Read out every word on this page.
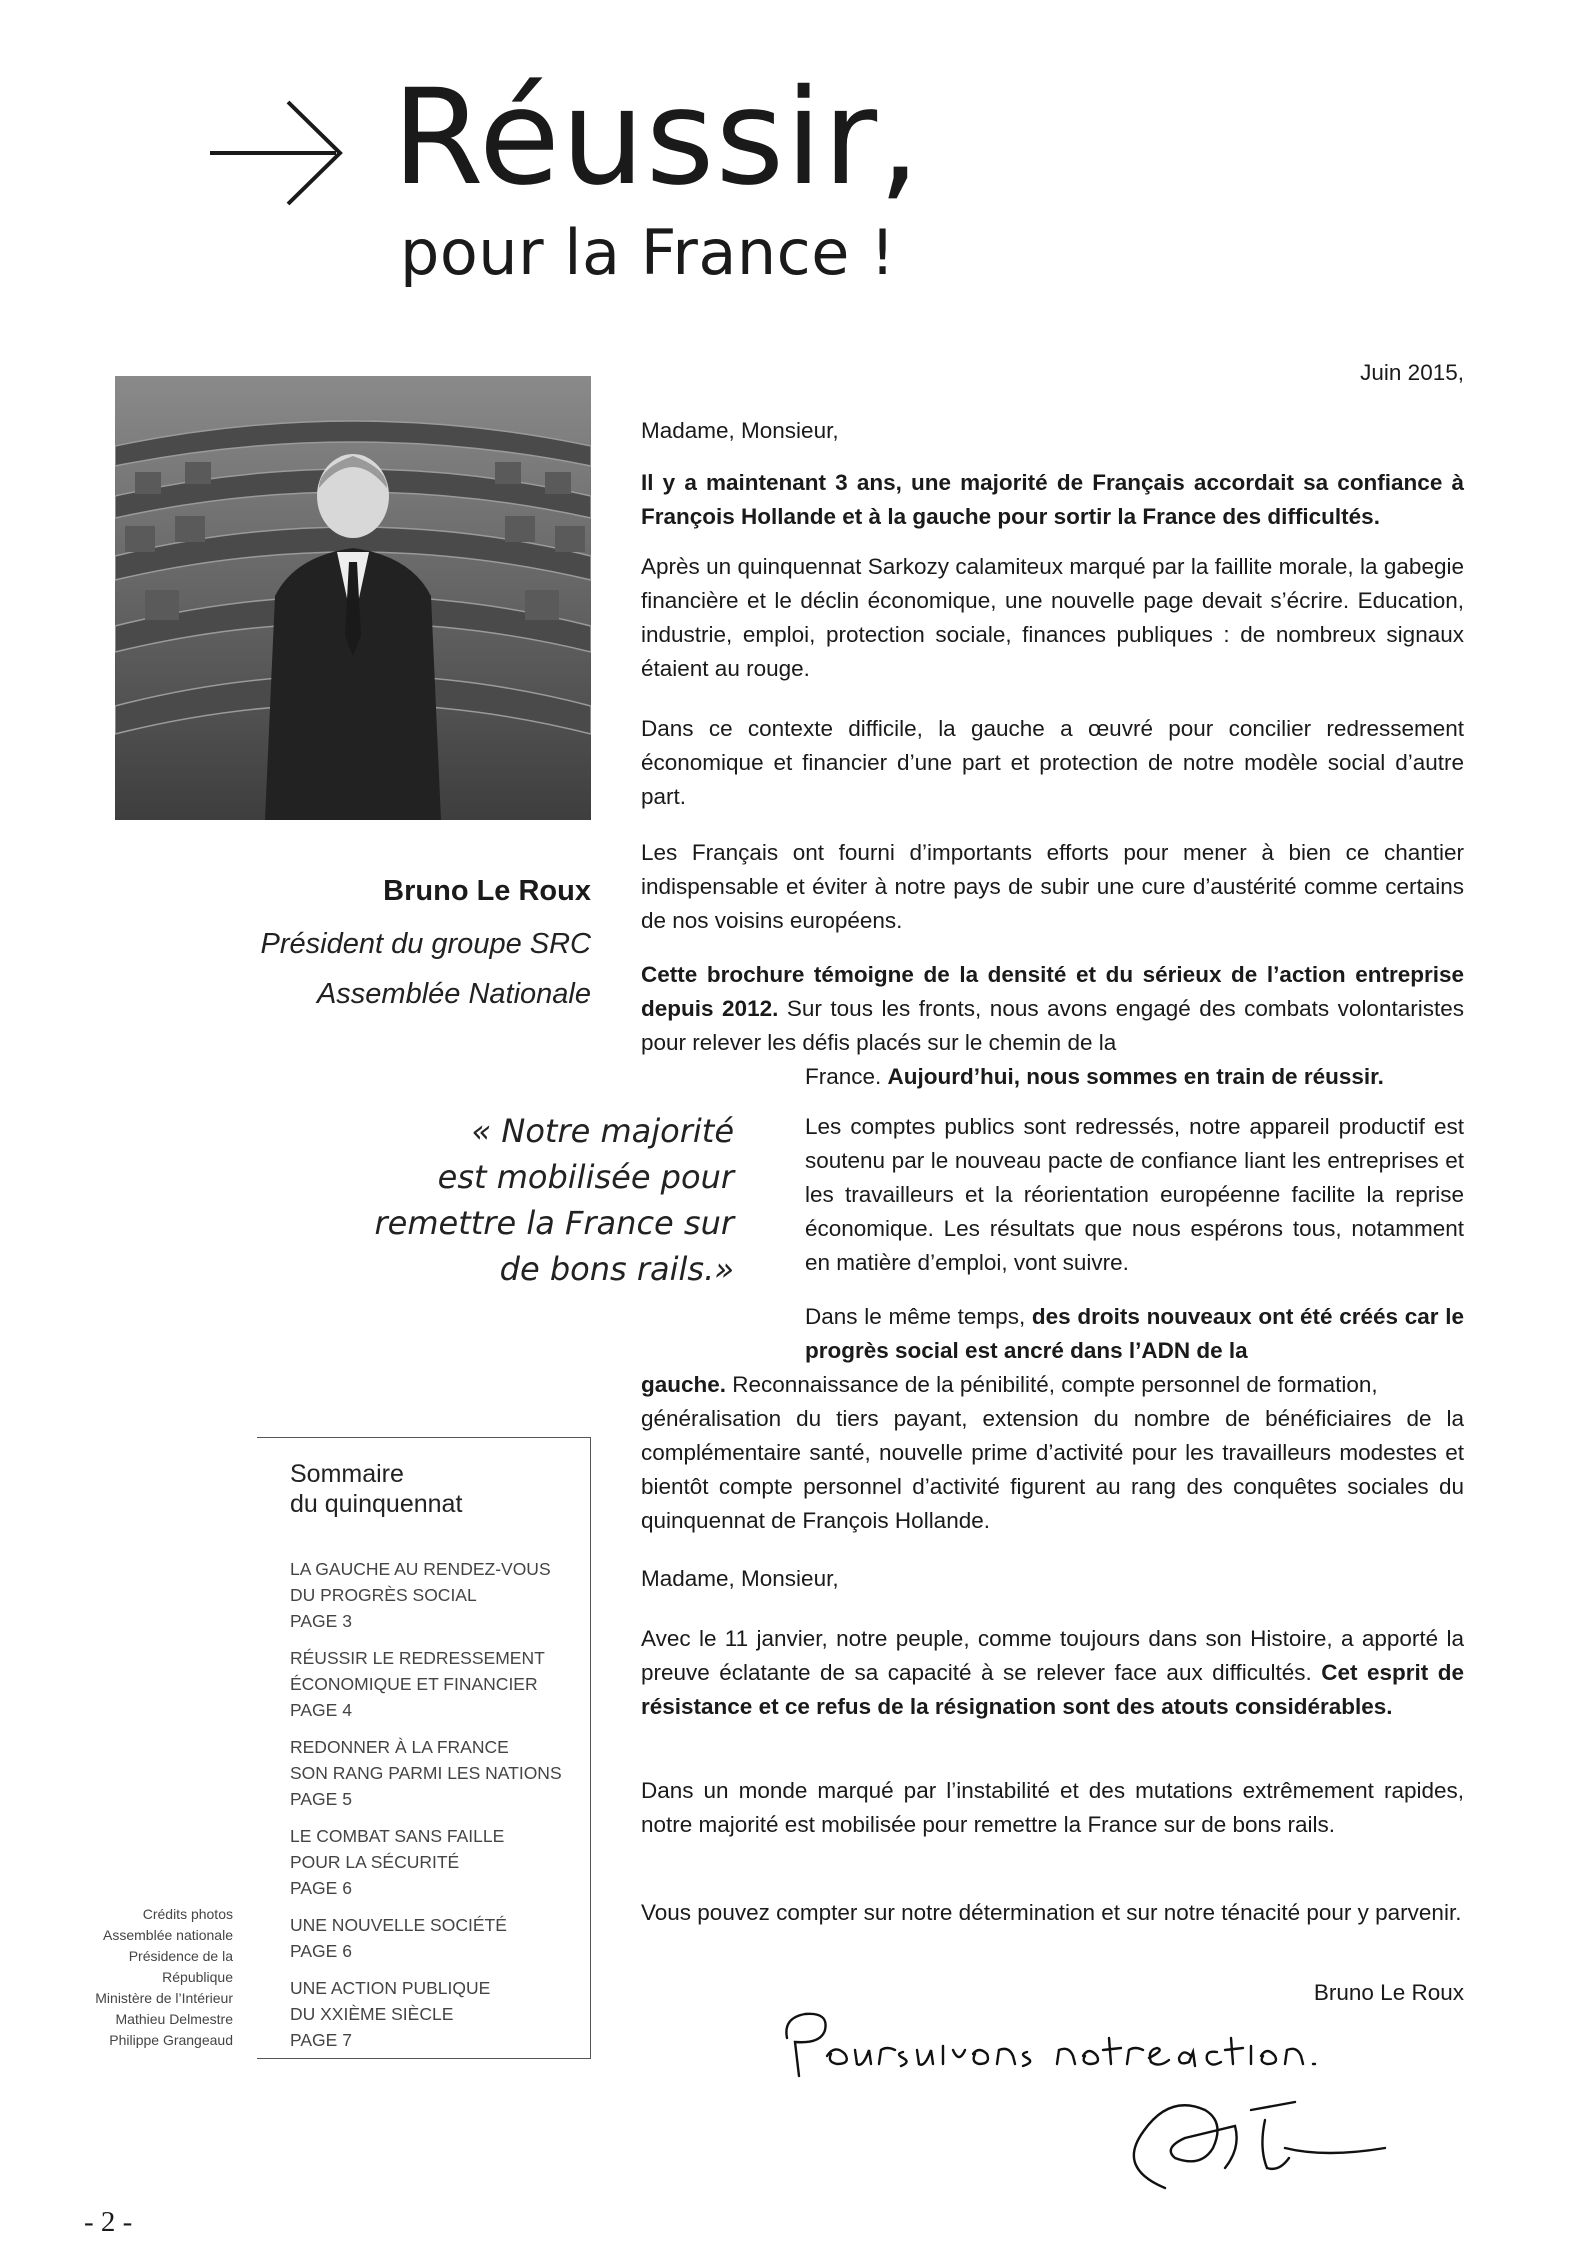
Réussir,
pour la France !
Bruno Le Roux
Président du groupe SRC
Assemblée Nationale
« Notre majorité
est mobilisée pour
remettre la France sur
de bons rails.»
Juin 2015,
Madame, Monsieur,
Il y a maintenant 3 ans, une majorité de Français accordait sa confiance à François Hollande et à la gauche pour sortir la France des difficultés.
Après un quinquennat Sarkozy calamiteux marqué par la faillite morale, la gabegie financière et le déclin économique, une nouvelle page devait s’écrire. Education, industrie, emploi, protection sociale, finances publiques : de nombreux signaux étaient au rouge.
Dans ce contexte difficile, la gauche a œuvré pour concilier redressement économique et financier d’une part et protection de notre modèle social d’autre part.
Les Français ont fourni d’importants efforts pour mener à bien ce chantier indispensable et éviter à notre pays de subir une cure d’austérité comme certains de nos voisins européens.
Cette brochure témoigne de la densité et du sérieux de l’action entreprise depuis 2012. Sur tous les fronts, nous avons engagé des combats volontaristes pour relever les défis placés sur le chemin de la
France. Aujourd’hui, nous sommes en train de réussir.
Les comptes publics sont redressés, notre appareil productif est soutenu par le nouveau pacte de confiance liant les entreprises et les travailleurs et la réorientation européenne facilite la reprise économique. Les résultats que nous espérons tous, notamment en matière d’emploi, vont suivre.
Dans le même temps, des droits nouveaux ont été créés car le progrès social est ancré dans l’ADN de la
gauche. Reconnaissance de la pénibilité, compte personnel de formation,
généralisation du tiers payant, extension du nombre de bénéficiaires de la complémentaire santé, nouvelle prime d’activité pour les travailleurs modestes et bientôt compte personnel d’activité figurent au rang des conquêtes sociales du quinquennat de François Hollande.
Madame, Monsieur,
Avec le 11 janvier, notre peuple, comme toujours dans son Histoire, a apporté la preuve éclatante de sa capacité à se relever face aux difficultés. Cet esprit de résistance et ce refus de la résignation sont des atouts considérables.
Dans un monde marqué par l’instabilité et des mutations extrêmement rapides, notre majorité est mobilisée pour remettre la France sur de bons rails.
Vous pouvez compter sur notre détermination et sur notre ténacité pour y parvenir.
Bruno Le Roux
Sommaire
du quinquennat
LA GAUCHE AU RENDEZ-VOUS
DU PROGRÈS SOCIAL
PAGE 3
RÉUSSIR LE REDRESSEMENT
ÉCONOMIQUE ET FINANCIER
PAGE 4
REDONNER À LA FRANCE
SON RANG PARMI LES NATIONS
PAGE 5
LE COMBAT SANS FAILLE
POUR LA SÉCURITÉ
PAGE 6
UNE NOUVELLE SOCIÉTÉ
PAGE 6
UNE ACTION PUBLIQUE
DU XXIÈME SIÈCLE
PAGE 7
Crédits photos
Assemblée nationale
Présidence de la
République
Ministère de l’Intérieur
Mathieu Delmestre
Philippe Grangeaud
- 2 -
